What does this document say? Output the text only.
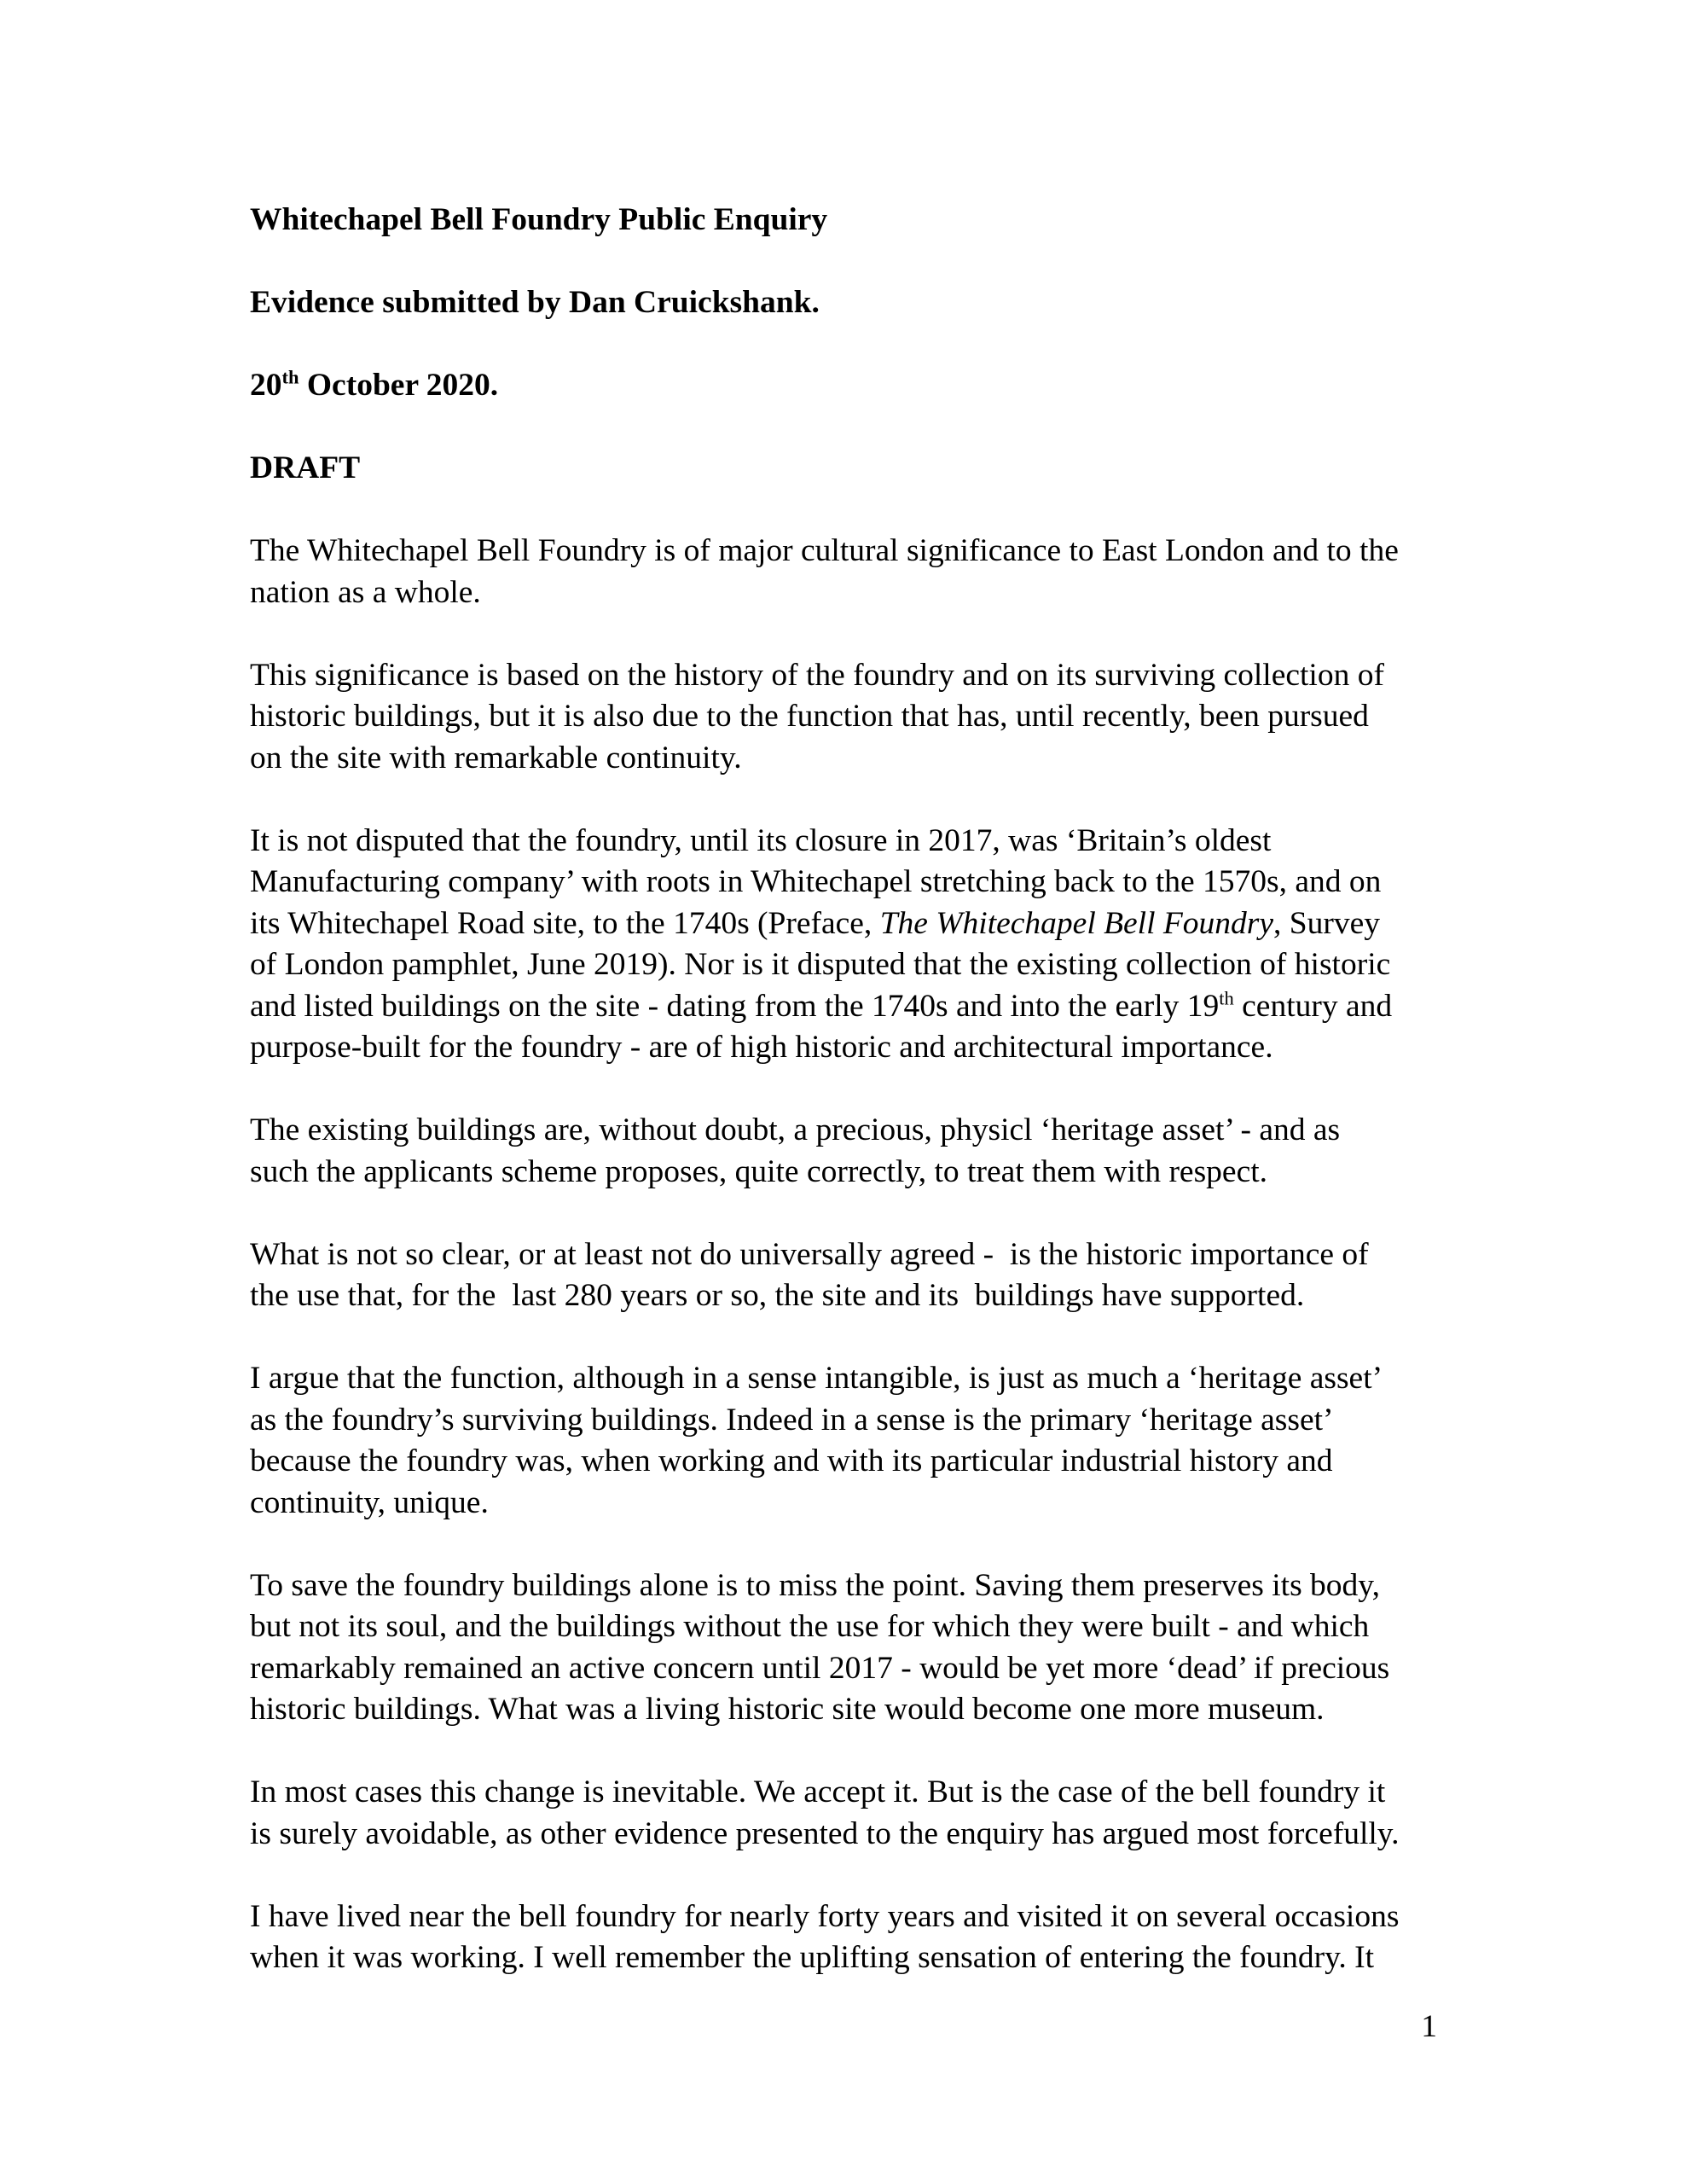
Whitechapel Bell Foundry Public Enquiry
Evidence submitted by Dan Cruickshank.
20th October 2020.
DRAFT
The Whitechapel Bell Foundry is of major cultural significance to East London and to the
nation as a whole.
This significance is based on the history of the foundry and on its surviving collection of
historic buildings, but it is also due to the function that has, until recently, been pursued
on the site with remarkable continuity.
It is not disputed that the foundry, until its closure in 2017, was ‘Britain’s oldest
Manufacturing company’ with roots in Whitechapel stretching back to the 1570s, and on
its Whitechapel Road site, to the 1740s (Preface, The Whitechapel Bell Foundry, Survey
of London pamphlet, June 2019). Nor is it disputed that the existing collection of historic
and listed buildings on the site - dating from the 1740s and into the early 19th century and
purpose-built for the foundry - are of high historic and architectural importance.
The existing buildings are, without doubt, a precious, physicl ‘heritage asset’ - and as
such the applicants scheme proposes, quite correctly, to treat them with respect.
What is not so clear, or at least not do universally agreed -  is the historic importance of
the use that, for the  last 280 years or so, the site and its  buildings have supported.
I argue that the function, although in a sense intangible, is just as much a ‘heritage asset’
as the foundry’s surviving buildings. Indeed in a sense is the primary ‘heritage asset’
because the foundry was, when working and with its particular industrial history and
continuity, unique.
To save the foundry buildings alone is to miss the point. Saving them preserves its body,
but not its soul, and the buildings without the use for which they were built - and which
remarkably remained an active concern until 2017 - would be yet more ‘dead’ if precious
historic buildings. What was a living historic site would become one more museum.
In most cases this change is inevitable. We accept it. But is the case of the bell foundry it
is surely avoidable, as other evidence presented to the enquiry has argued most forcefully.
I have lived near the bell foundry for nearly forty years and visited it on several occasions
when it was working. I well remember the uplifting sensation of entering the foundry. It
1
